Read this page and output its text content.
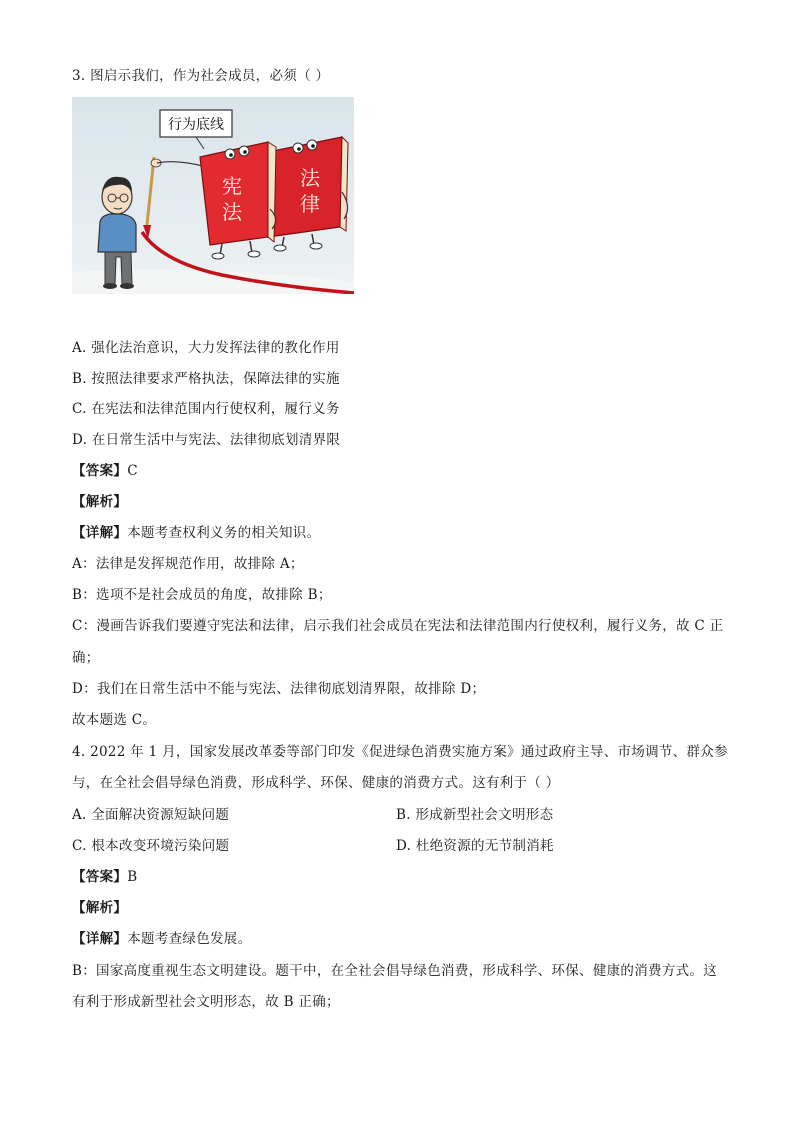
3. 图启示我们，作为社会成员，必须（ ）
行为底线
法
律
宪
法
A. 强化法治意识，大力发挥法律的教化作用
B. 按照法律要求严格执法，保障法律的实施
C. 在宪法和法律范围内行使权利，履行义务
D. 在日常生活中与宪法、法律彻底划清界限
【答案】C
【解析】
【详解】本题考查权利义务的相关知识。
A：法律是发挥规范作用，故排除 A；
B：选项不是社会成员的角度，故排除 B；
C：漫画告诉我们要遵守宪法和法律，启示我们社会成员在宪法和法律范围内行使权利，履行义务，故 C 正
确；
D：我们在日常生活中不能与宪法、法律彻底划清界限，故排除 D；
故本题选 C。
4. 2022 年 1 月，国家发展改革委等部门印发《促进绿色消费实施方案》通过政府主导、市场调节、群众参
与，在全社会倡导绿色消费，形成科学、环保、健康的消费方式。这有利于（ ）
A. 全面解决资源短缺问题	B. 形成新型社会文明形态
C. 根本改变环境污染问题	D. 杜绝资源的无节制消耗
【答案】B
【解析】
【详解】本题考查绿色发展。
B：国家高度重视生态文明建设。题干中，在全社会倡导绿色消费，形成科学、环保、健康的消费方式。这
有利于形成新型社会文明形态，故 B 正确；
